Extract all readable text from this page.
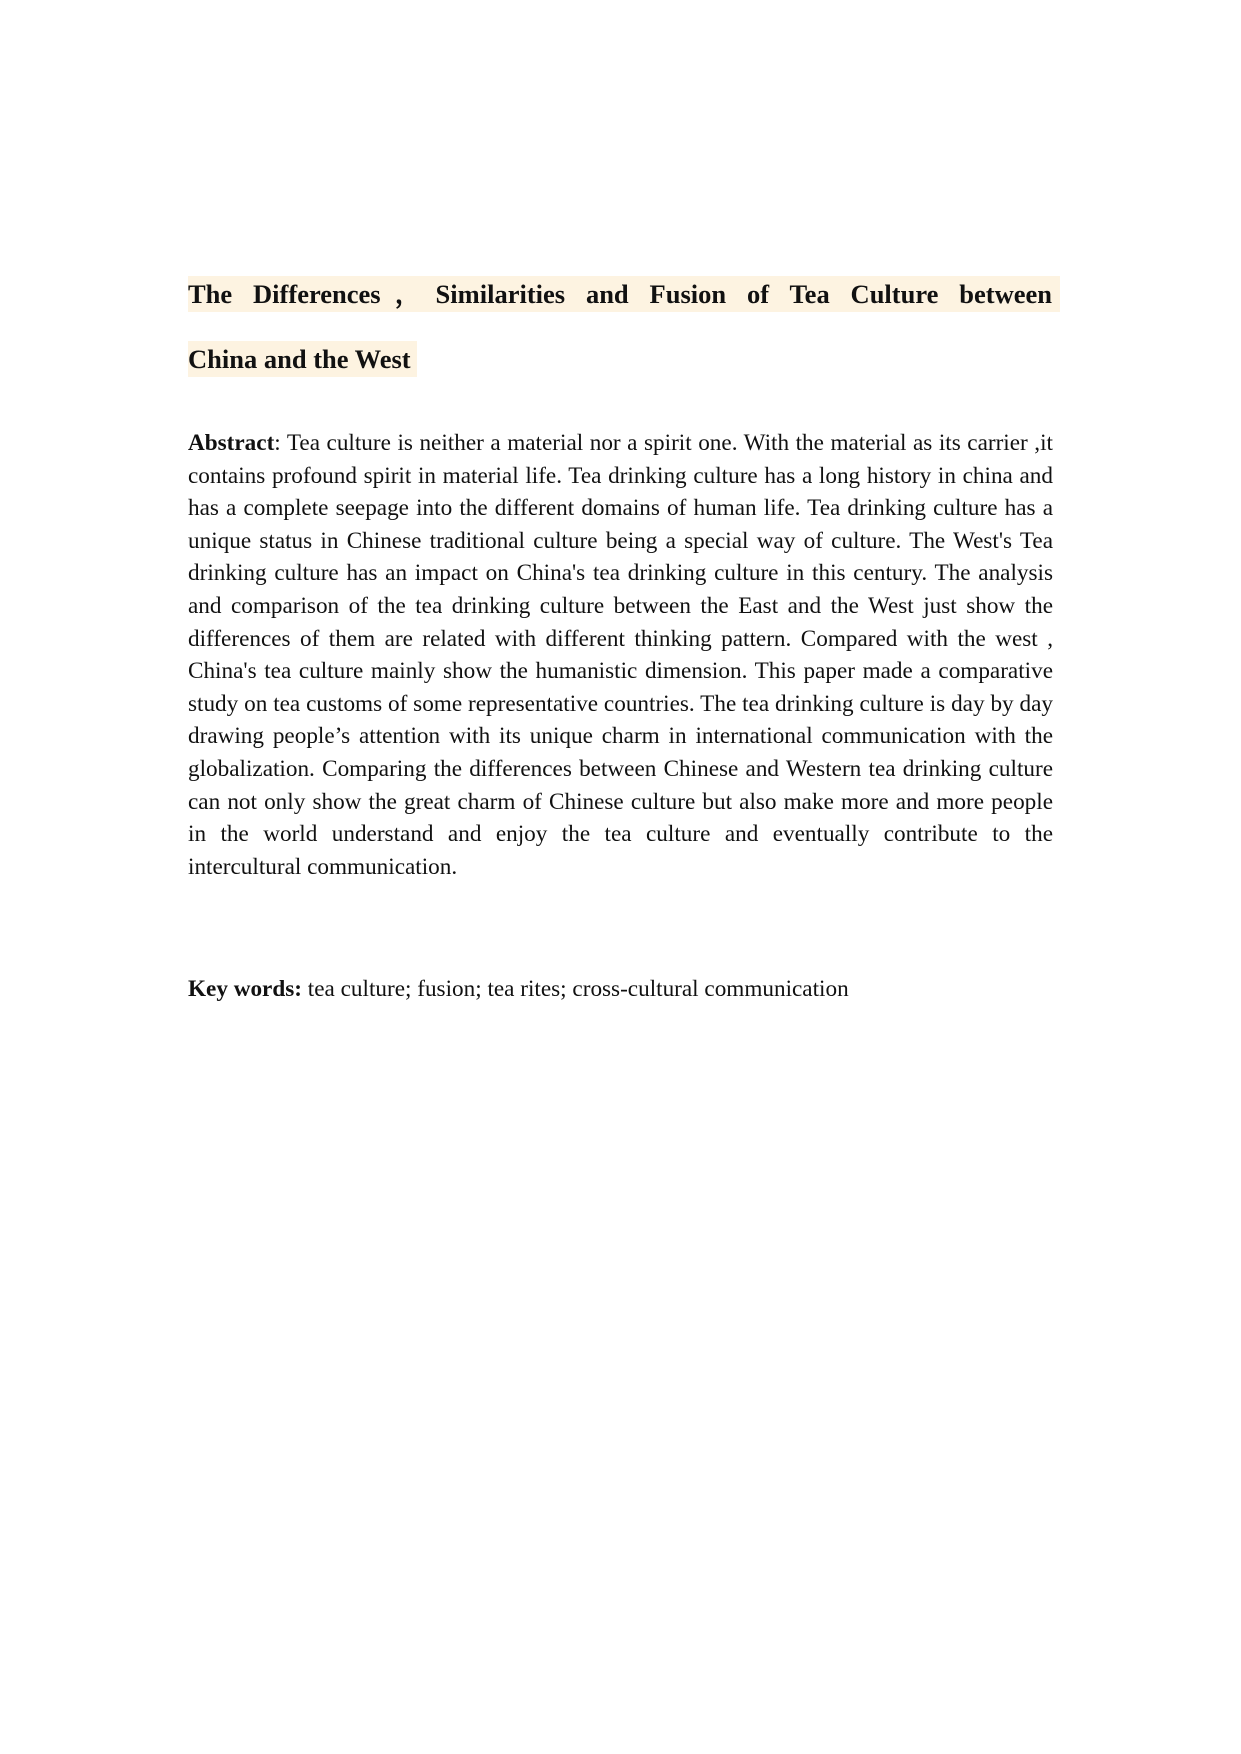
The Differences，Similarities and Fusion of Tea Culture between
China and the West
Abstract: Tea culture is neither a material nor a spirit one. With the material as its carrier ,it contains profound spirit in material life. Tea drinking culture has a long history in china and has a complete seepage into the different domains of human life. Tea drinking culture has a unique status in Chinese traditional culture being a special way of culture. The West's Tea drinking culture has an impact on China's tea drinking culture in this century. The analysis and comparison of the tea drinking culture between the East and the West just show the differences of them are related with different thinking pattern. Compared with the west , China's tea culture mainly show the humanistic dimension. This paper made a comparative study on tea customs of some representative countries. The tea drinking culture is day by day drawing people’s attention with its unique charm in international communication with the globalization. Comparing the differences between Chinese and Western tea drinking culture can not only show the great charm of Chinese culture but also make more and more people in the world understand and enjoy the tea culture and eventually contribute to the intercultural communication.
Key words: tea culture; fusion; tea rites; cross-cultural communication
